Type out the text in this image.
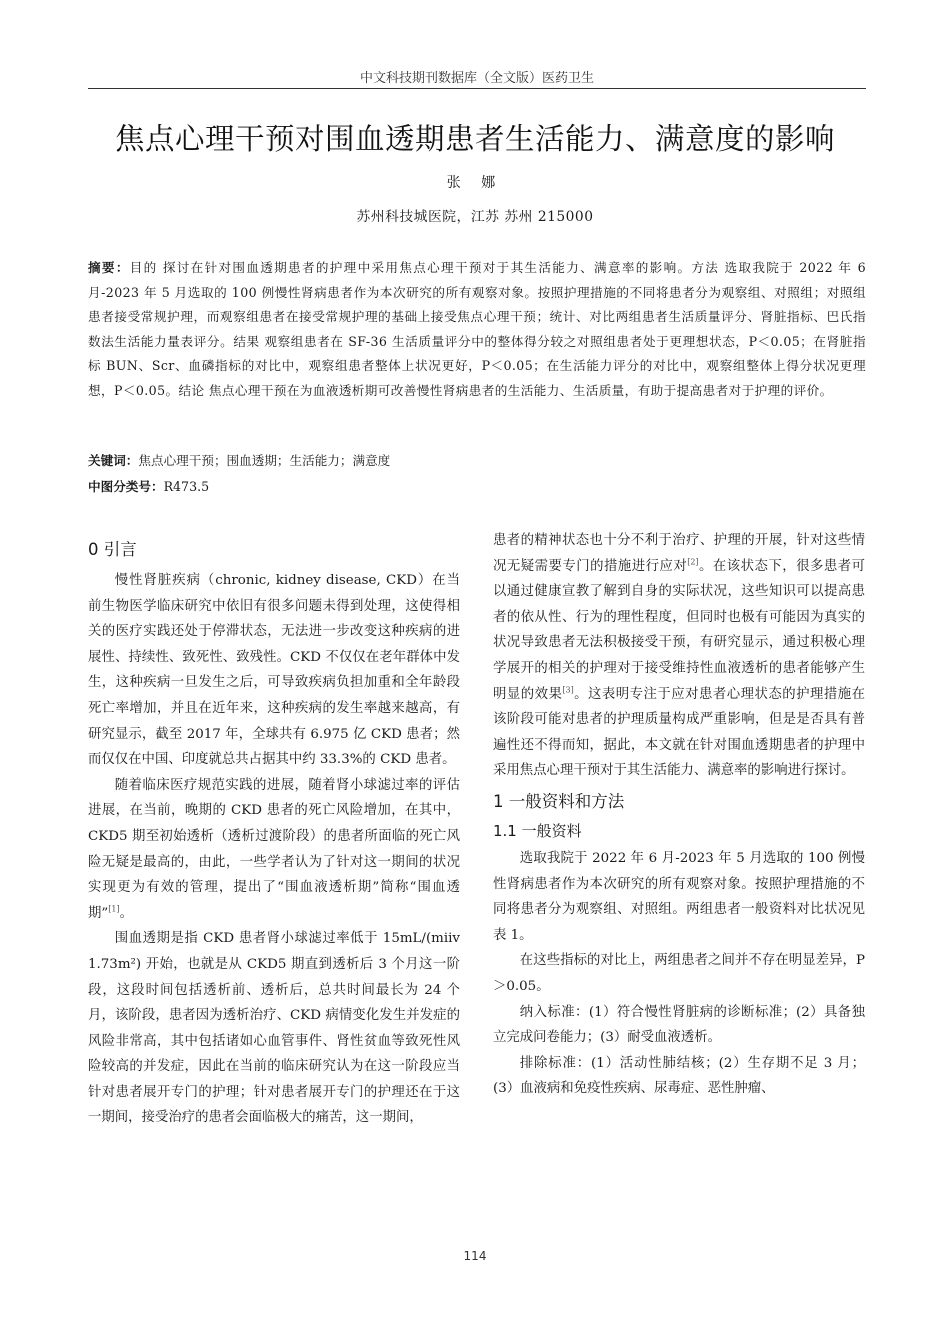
中文科技期刊数据库（全文版）医药卫生
焦点心理干预对围血透期患者生活能力、满意度的影响
张 娜
苏州科技城医院，江苏 苏州 215000
摘要：目的 探讨在针对围血透期患者的护理中采用焦点心理干预对于其生活能力、满意率的影响。方法 选取我院于 2022 年 6 月-2023 年 5 月选取的 100 例慢性肾病患者作为本次研究的所有观察对象。按照护理措施的不同将患者分为观察组、对照组；对照组患者接受常规护理，而观察组患者在接受常规护理的基础上接受焦点心理干预；统计、对比两组患者生活质量评分、肾脏指标、巴氏指数法生活能力量表评分。结果 观察组患者在 SF-36 生活质量评分中的整体得分较之对照组患者处于更理想状态，P＜0.05；在肾脏指标 BUN、Scr、血磷指标的对比中，观察组患者整体上状况更好，P＜0.05；在生活能力评分的对比中，观察组整体上得分状况更理想，P＜0.05。结论 焦点心理干预在为血液透析期可改善慢性肾病患者的生活能力、生活质量，有助于提高患者对于护理的评价。
关键词：焦点心理干预；围血透期；生活能力；满意度
中图分类号：R473.5
0 引言

慢性肾脏疾病（chronic, kidney disease, CKD）在当前生物医学临床研究中依旧有很多问题未得到处理，这使得相关的医疗实践还处于停滞状态，无法进一步改变这种疾病的进展性、持续性、致死性、致残性。CKD 不仅仅在老年群体中发生，这种疾病一旦发生之后，可导致疾病负担加重和全年龄段死亡率增加，并且在近年来，这种疾病的发生率越来越高，有研究显示，截至 2017 年，全球共有 6.975 亿 CKD 患者；然而仅仅在中国、印度就总共占据其中约 33.3%的 CKD 患者。

随着临床医疗规范实践的进展，随着肾小球滤过率的评估进展，在当前，晚期的 CKD 患者的死亡风险增加，在其中，CKD5 期至初始透析（透析过渡阶段）的患者所面临的死亡风险无疑是最高的，由此，一些学者认为了针对这一期间的状况实现更为有效的管理，提出了“围血液透析期”简称“围血透期”[1]。

围血透期是指 CKD 患者肾小球滤过率低于 15mL/(miiv 1.73m²) 开始，也就是从 CKD5 期直到透析后 3 个月这一阶段，这段时间包括透析前、透析后，总共时间最长为 24 个月，该阶段，患者因为透析治疗、CKD 病情变化发生并发症的风险非常高，其中包括诸如心血管事件、肾性贫血等致死性风险较高的并发症，因此在当前的临床研究认为在这一阶段应当针对患者展开专门的护理；针对患者展开专门的护理还在于这一期间，接受治疗的患者会面临极大的痛苦，这一期间，

患者的精神状态也十分不利于治疗、护理的开展，针对这些情况无疑需要专门的措施进行应对[2]。在该状态下，很多患者可以通过健康宣教了解到自身的实际状况，这些知识可以提高患者的依从性、行为的理性程度，但同时也极有可能因为真实的状况导致患者无法积极接受干预，有研究显示，通过积极心理学展开的相关的护理对于接受维持性血液透析的患者能够产生明显的效果[3]。这表明专注于应对患者心理状态的护理措施在该阶段可能对患者的护理质量构成严重影响，但是是否具有普遍性还不得而知，据此，本文就在针对围血透期患者的护理中采用焦点心理干预对于其生活能力、满意率的影响进行探讨。

1 一般资料和方法
1.1 一般资料

选取我院于 2022 年 6 月-2023 年 5 月选取的 100 例慢性肾病患者作为本次研究的所有观察对象。按照护理措施的不同将患者分为观察组、对照组。两组患者一般资料对比状况见表 1。

在这些指标的对比上，两组患者之间并不存在明显差异，P＞0.05。

纳入标准：(1）符合慢性肾脏病的诊断标准；(2）具备独立完成问卷能力；(3）耐受血液透析。

排除标准：(1）活动性肺结核；(2）生存期不足 3 月；(3）血液病和免疫性疾病、尿毒症、恶性肿瘤、

114
